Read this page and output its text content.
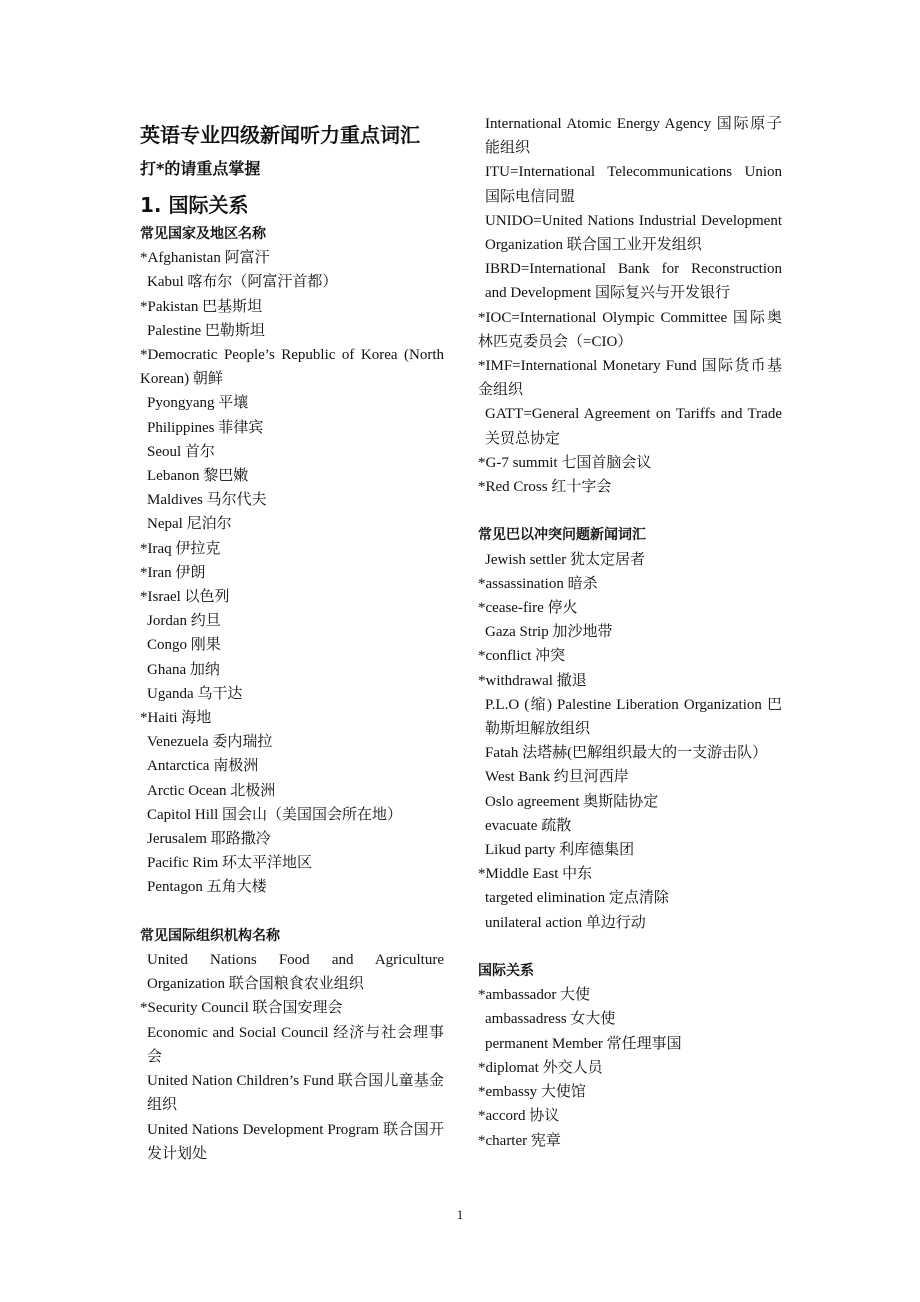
英语专业四级新闻听力重点词汇
打*的请重点掌握
1. 国际关系
常见国家及地区名称
* Afghanistan 阿富汗
Kabul 喀布尔（阿富汗首都）
* Pakistan 巴基斯坦
Palestine 巴勒斯坦
* Democratic People’s Republic of Korea (North Korean) 朝鲜
Pyongyang 平壤
Philippines 菲律宾
Seoul 首尔
Lebanon 黎巴嫩
Maldives 马尔代夫
Nepal 尼泊尔
* Iraq 伊拉克
* Iran 伊朗
* Israel 以色列
Jordan 约旦
Congo 刚果
Ghana 加纳
Uganda 乌干达
* Haiti 海地
Venezuela 委内瑞拉
Antarctica 南极洲
Arctic Ocean 北极洲
Capitol Hill 国会山（美国国会所在地）
Jerusalem 耶路撒冷
Pacific Rim 环太平洋地区
Pentagon 五角大楼
常见国际组织机构名称
United Nations Food and Agriculture Organization 联合国粮食农业组织
* Security Council 联合国安理会
Economic and Social Council 经济与社会理事会
United Nation Children’s Fund 联合国儿童基金组织
United Nations Development Program 联合国开发计划处
International Atomic Energy Agency 国际原子能组织
ITU=International Telecommunications Union 国际电信同盟
UNIDO=United Nations Industrial Development Organization 联合国工业开发组织
IBRD=International Bank for Reconstruction and Development 国际复兴与开发银行
* IOC=International Olympic Committee 国际奥林匹克委员会（=CIO）
* IMF=International Monetary Fund 国际货币基金组织
GATT=General Agreement on Tariffs and Trade 关贸总协定
* G-7 summit 七国首脑会议
* Red Cross 红十字会
常见巴以冲突问题新闻词汇
Jewish settler 犹太定居者
* assassination 暗杀
* cease-fire 停火
Gaza Strip 加沙地带
* conflict 冲突
* withdrawal 撤退
P.L.O (缩) Palestine Liberation Organization 巴勒斯坦解放组织
Fatah 法塔赫(巴解组织最大的一支游击队）
West Bank 约旦河西岸
Oslo agreement 奥斯陆协定
evacuate 疏散
Likud party 利库德集团
* Middle East 中东
targeted elimination 定点清除
unilateral action 单边行动
国际关系
* ambassador 大使
ambassadress 女大使
permanent Member 常任理事国
* diplomat 外交人员
* embassy 大使馆
* accord 协议
* charter 宪章
1
